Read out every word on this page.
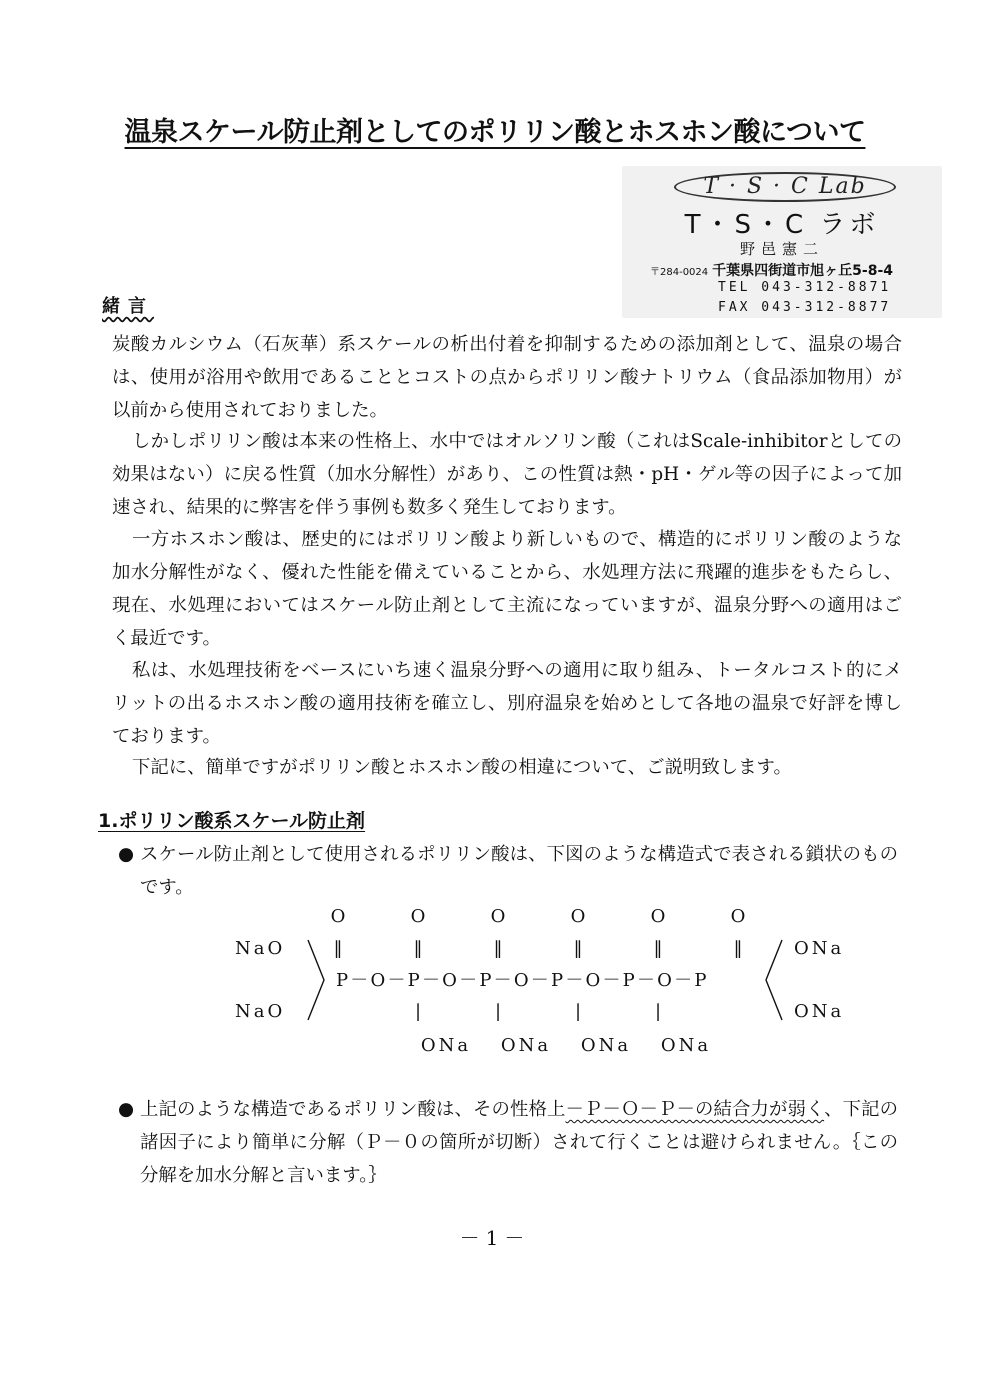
温泉スケール防止剤としてのポリリン酸とホスホン酸について
T · S · C Lab
T・S・C ラボ
野邑憲二
〒284-0024 千葉県四街道市旭ヶ丘5-8-4
TEL 043-312-8871
FAX 043-312-8877
緒言
炭酸カルシウム（石灰華）系スケールの析出付着を抑制するための添加剤として、温泉の場合は、使用が浴用や飲用であることとコストの点からポリリン酸ナトリウム（食品添加物用）が以前から使用されておりました。
しかしポリリン酸は本来の性格上、水中ではオルソリン酸（これはScale-inhibitorとしての効果はない）に戻る性質（加水分解性）があり、この性質は熱・pH・ゲル等の因子によって加速され、結果的に弊害を伴う事例も数多く発生しております。
一方ホスホン酸は、歴史的にはポリリン酸より新しいもので、構造的にポリリン酸のような加水分解性がなく、優れた性能を備えていることから、水処理方法に飛躍的進歩をもたらし、現在、水処理においてはスケール防止剤として主流になっていますが、温泉分野への適用はごく最近です。
私は、水処理技術をベースにいち速く温泉分野への適用に取り組み、トータルコスト的にメリットの出るホスホン酸の適用技術を確立し、別府温泉を始めとして各地の温泉で好評を博しております。
下記に、簡単ですがポリリン酸とホスホン酸の相違について、ご説明致します。
1.ポリリン酸系スケール防止剤
● スケール防止剤として使用されるポリリン酸は、下図のような構造式で表される鎖状のものです。
O	O	O	O	O	O
‖	‖	‖	‖	‖	‖
NaO
NaO
P－O－P－O－P－O－P－O－P－O－P
ONa
ONa
|	|	|	|
ONa ONa ONa ONa
● 上記のような構造であるポリリン酸は、その性格上－Ｐ－Ｏ－Ｐ－の結合力が弱く、下記の諸因子により簡単に分解（Ｐ－０の箇所が切断）されて行くことは避けられません。｛この分解を加水分解と言います。｝
－1－
